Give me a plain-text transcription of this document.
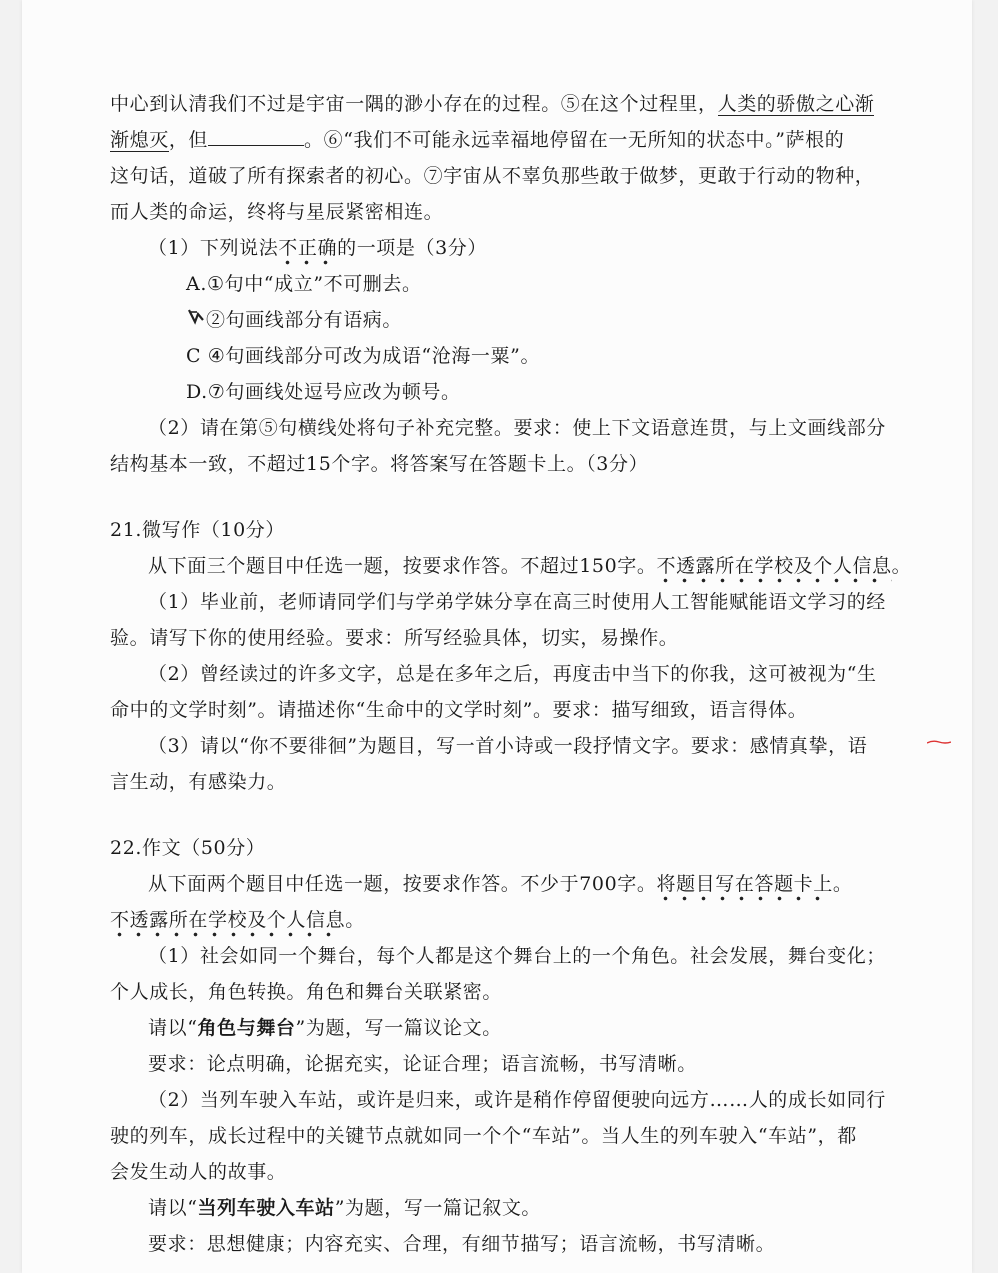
中心到认清我们不过是宇宙一隅的渺小存在的过程。⑤在这个过程里，人类的骄傲之心渐
渐熄灭，但	。⑥“我们不可能永远幸福地停留在一无所知的状态中。”萨根的
这句话，道破了所有探索者的初心。⑦宇宙从不辜负那些敢于做梦，更敢于行动的物种，
而人类的命运，终将与星辰紧密相连。
（1）下列说法不正确的一项是（3分）
A.①句中“成立”不可删去。
②句画线部分有语病。
C ④句画线部分可改为成语“沧海一粟”。
D.⑦句画线处逗号应改为顿号。
（2）请在第⑤句横线处将句子补充完整。要求：使上下文语意连贯，与上文画线部分
结构基本一致，不超过15个字。将答案写在答题卡上。（3分）
21.微写作（10分）
从下面三个题目中任选一题，按要求作答。不超过150字。不透露所在学校及个人信息。
（1）毕业前，老师请同学们与学弟学妹分享在高三时使用人工智能赋能语文学习的经
验。请写下你的使用经验。要求：所写经验具体，切实，易操作。
（2）曾经读过的许多文字，总是在多年之后，再度击中当下的你我，这可被视为“生
命中的文学时刻”。请描述你“生命中的文学时刻”。要求：描写细致，语言得体。
（3）请以“你不要徘徊”为题目，写一首小诗或一段抒情文字。要求：感情真挚，语
言生动，有感染力。
22.作文（50分）
从下面两个题目中任选一题，按要求作答。不少于700字。将题目写在答题卡上。
不透露所在学校及个人信息。
（1）社会如同一个舞台，每个人都是这个舞台上的一个角色。社会发展，舞台变化；
个人成长，角色转换。角色和舞台关联紧密。
请以“角色与舞台”为题，写一篇议论文。
要求：论点明确，论据充实，论证合理；语言流畅，书写清晰。
（2）当列车驶入车站，或许是归来，或许是稍作停留便驶向远方……人的成长如同行
驶的列车，成长过程中的关键节点就如同一个个“车站”。当人生的列车驶入“车站”，都
会发生动人的故事。
请以“当列车驶入车站”为题，写一篇记叙文。
要求：思想健康；内容充实、合理，有细节描写；语言流畅，书写清晰。
